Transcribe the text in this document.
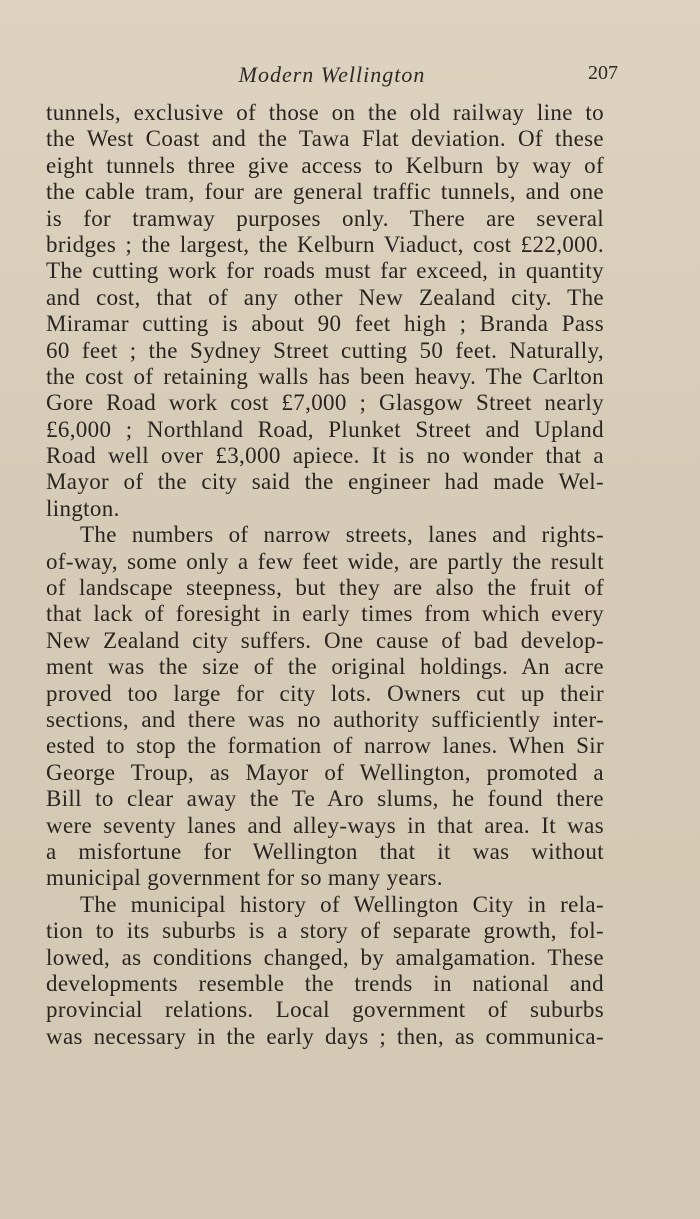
Modern Wellington	207
tunnels, exclusive of those on the old railway line to
the West Coast and the Tawa Flat deviation. Of these
eight tunnels three give access to Kelburn by way of
the cable tram, four are general traffic tunnels, and one
is for tramway purposes only. There are several
bridges ; the largest, the Kelburn Viaduct, cost £22,000.
The cutting work for roads must far exceed, in quantity
and cost, that of any other New Zealand city. The
Miramar cutting is about 90 feet high ; Branda Pass
60 feet ; the Sydney Street cutting 50 feet. Naturally,
the cost of retaining walls has been heavy. The Carlton
Gore Road work cost £7,000 ; Glasgow Street nearly
£6,000 ; Northland Road, Plunket Street and Upland
Road well over £3,000 apiece. It is no wonder that a
Mayor of the city said the engineer had made Wel-
lington.
The numbers of narrow streets, lanes and rights-
of-way, some only a few feet wide, are partly the result
of landscape steepness, but they are also the fruit of
that lack of foresight in early times from which every
New Zealand city suffers. One cause of bad develop-
ment was the size of the original holdings. An acre
proved too large for city lots. Owners cut up their
sections, and there was no authority sufficiently inter-
ested to stop the formation of narrow lanes. When Sir
George Troup, as Mayor of Wellington, promoted a
Bill to clear away the Te Aro slums, he found there
were seventy lanes and alley-ways in that area. It was
a misfortune for Wellington that it was without
municipal government for so many years.
The municipal history of Wellington City in rela-
tion to its suburbs is a story of separate growth, fol-
lowed, as conditions changed, by amalgamation. These
developments resemble the trends in national and
provincial relations. Local government of suburbs
was necessary in the early days ; then, as communica-
